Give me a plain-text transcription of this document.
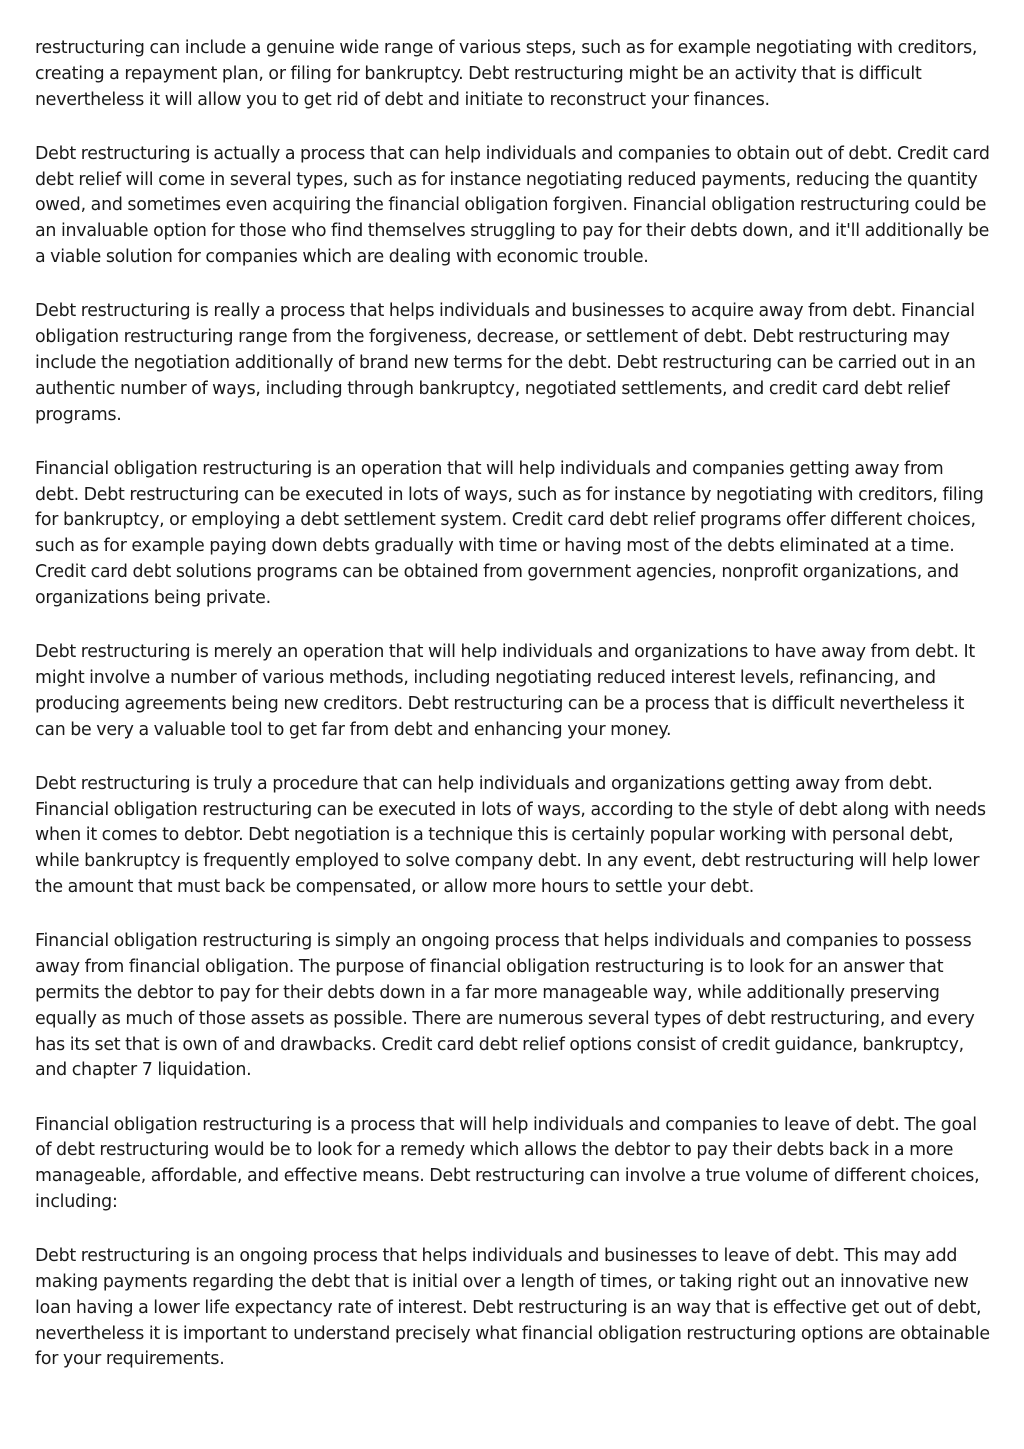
restructuring can include a genuine wide range of various steps, such as for example negotiating with creditors, creating a repayment plan, or filing for bankruptcy. Debt restructuring might be an activity that is difficult nevertheless it will allow you to get rid of debt and initiate to reconstruct your finances.

Debt restructuring is actually a process that can help individuals and companies to obtain out of debt. Credit card debt relief will come in several types, such as for instance negotiating reduced payments, reducing the quantity owed, and sometimes even acquiring the financial obligation forgiven. Financial obligation restructuring could be an invaluable option for those who find themselves struggling to pay for their debts down, and it'll additionally be a viable solution for companies which are dealing with economic trouble.

Debt restructuring is really a process that helps individuals and businesses to acquire away from debt. Financial obligation restructuring range from the forgiveness, decrease, or settlement of debt. Debt restructuring may include the negotiation additionally of brand new terms for the debt. Debt restructuring can be carried out in an authentic number of ways, including through bankruptcy, negotiated settlements, and credit card debt relief programs.

Financial obligation restructuring is an operation that will help individuals and companies getting away from debt. Debt restructuring can be executed in lots of ways, such as for instance by negotiating with creditors, filing for bankruptcy, or employing a debt settlement system. Credit card debt relief programs offer different choices, such as for example paying down debts gradually with time or having most of the debts eliminated at a time. Credit card debt solutions programs can be obtained from government agencies, nonprofit organizations, and organizations being private.

Debt restructuring is merely an operation that will help individuals and organizations to have away from debt. It might involve a number of various methods, including negotiating reduced interest levels, refinancing, and producing agreements being new creditors. Debt restructuring can be a process that is difficult nevertheless it can be very a valuable tool to get far from debt and enhancing your money.

Debt restructuring is truly a procedure that can help individuals and organizations getting away from debt. Financial obligation restructuring can be executed in lots of ways, according to the style of debt along with needs when it comes to debtor. Debt negotiation is a technique this is certainly popular working with personal debt, while bankruptcy is frequently employed to solve company debt. In any event, debt restructuring will help lower the amount that must back be compensated, or allow more hours to settle your debt.

Financial obligation restructuring is simply an ongoing process that helps individuals and companies to possess away from financial obligation. The purpose of financial obligation restructuring is to look for an answer that permits the debtor to pay for their debts down in a far more manageable way, while additionally preserving equally as much of those assets as possible. There are numerous several types of debt restructuring, and every has its set that is own of and drawbacks. Credit card debt relief options consist of credit guidance, bankruptcy, and chapter 7 liquidation.

Financial obligation restructuring is a process that will help individuals and companies to leave of debt. The goal of debt restructuring would be to look for a remedy which allows the debtor to pay their debts back in a more manageable, affordable, and effective means. Debt restructuring can involve a true volume of different choices, including:

Debt restructuring is an ongoing process that helps individuals and businesses to leave of debt. This may add making payments regarding the debt that is initial over a length of times, or taking right out an innovative new loan having a lower life expectancy rate of interest. Debt restructuring is an way that is effective get out of debt, nevertheless it is important to understand precisely what financial obligation restructuring options are obtainable for your requirements.
